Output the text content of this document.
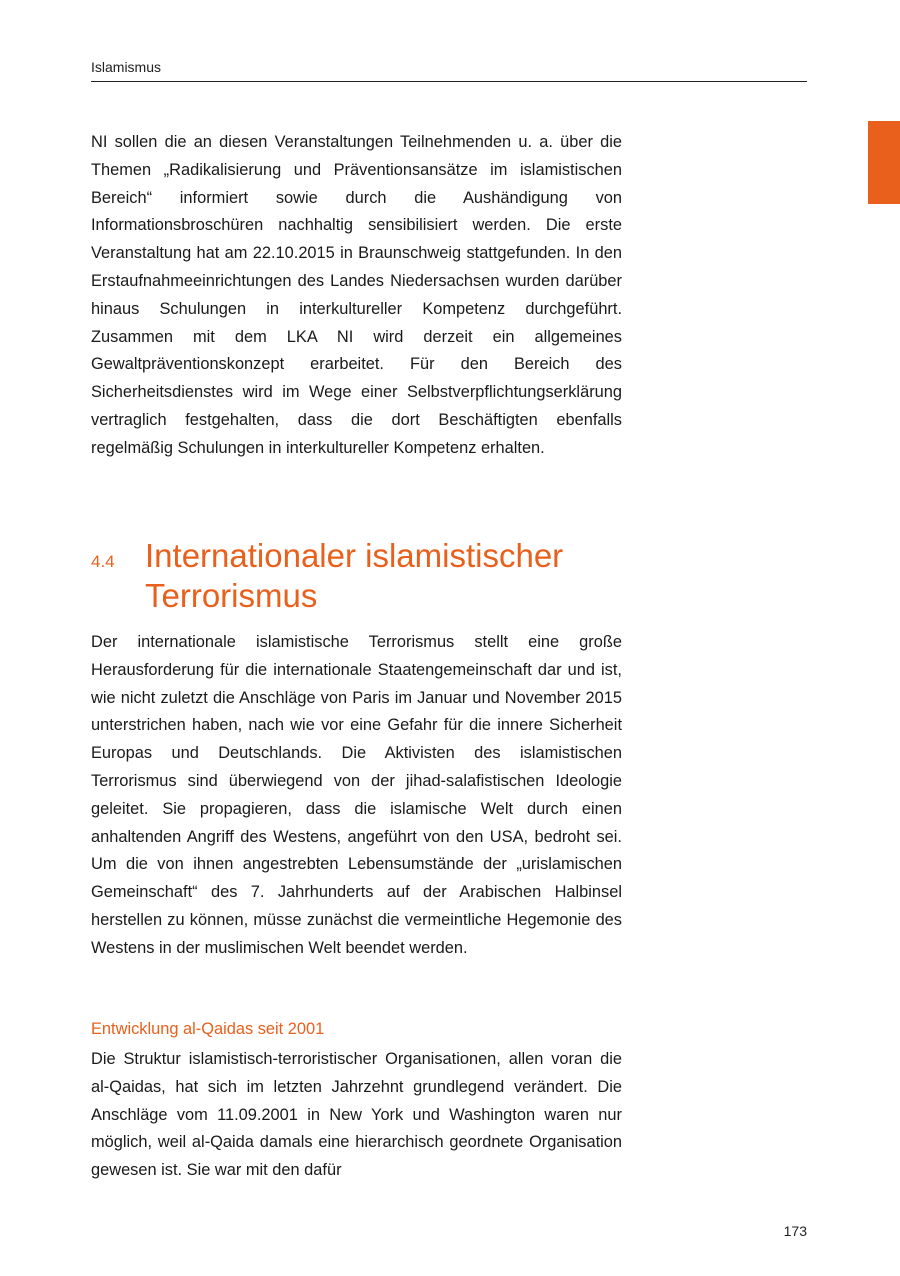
Islamismus

NI sollen die an diesen Veranstaltungen Teilnehmenden u. a. über die Themen „Radikalisierung und Präventionsansätze im islamistischen Bereich“ informiert sowie durch die Aushändigung von Informationsbroschüren nachhaltig sensibilisiert werden. Die erste Veranstaltung hat am 22.10.2015 in Braunschweig stattgefunden. In den Erstaufnahmeeinrichtungen des Landes Niedersachsen wurden darüber hinaus Schulungen in interkultureller Kompetenz durchgeführt. Zusammen mit dem LKA NI wird derzeit ein allgemeines Gewaltpräventionskonzept erarbeitet. Für den Bereich des Sicherheitsdienstes wird im Wege einer Selbstverpflichtungserklärung vertraglich festgehalten, dass die dort Beschäftigten ebenfalls regelmäßig Schulungen in interkultureller Kompetenz erhalten.

4.4 Internationaler islamistischer Terrorismus

Der internationale islamistische Terrorismus stellt eine große Herausforderung für die internationale Staatengemeinschaft dar und ist, wie nicht zuletzt die Anschläge von Paris im Januar und November 2015 unterstrichen haben, nach wie vor eine Gefahr für die innere Sicherheit Europas und Deutschlands. Die Aktivisten des islamistischen Terrorismus sind überwiegend von der jihad-salafistischen Ideologie geleitet. Sie propagieren, dass die islamische Welt durch einen anhaltenden Angriff des Westens, angeführt von den USA, bedroht sei. Um die von ihnen angestrebten Lebensumstände der „urislamischen Gemeinschaft“ des 7. Jahrhunderts auf der Arabischen Halbinsel herstellen zu können, müsse zunächst die vermeintliche Hegemonie des Westens in der muslimischen Welt beendet werden.

Entwicklung al-Qaidas seit 2001

Die Struktur islamistisch-terroristischer Organisationen, allen voran die al-Qaidas, hat sich im letzten Jahrzehnt grundlegend verändert. Die Anschläge vom 11.09.2001 in New York und Washington waren nur möglich, weil al-Qaida damals eine hierarchisch geordnete Organisation gewesen ist. Sie war mit den dafür

173
